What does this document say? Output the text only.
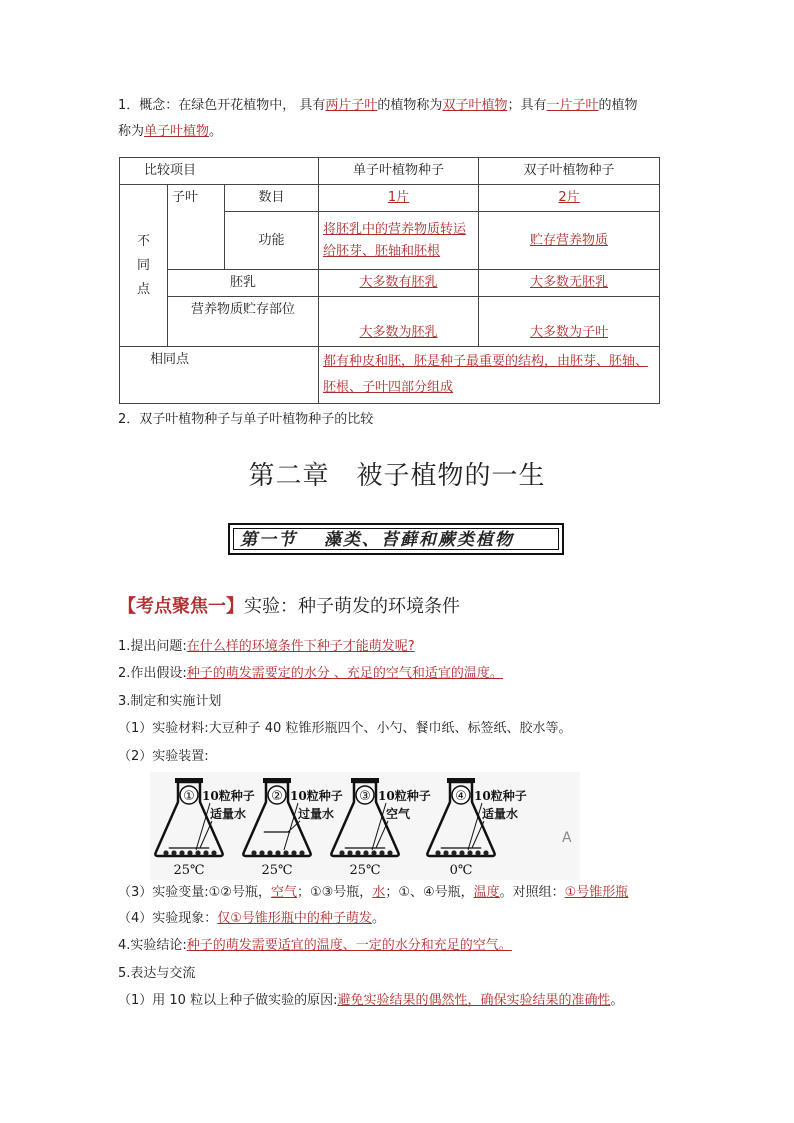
1．概念：在绿色开花植物中， 具有两片子叶的植物称为双子叶植物；具有一片子叶的植物
称为单子叶植物。
比较项目			单子叶植物种子	双子叶植物种子

不同点	子叶	数目	1片	2片
		功能	将胚乳中的营养物质转运给胚芽、胚轴和胚根	贮存营养物质
	胚乳		大多数有胚乳	大多数无胚乳
	营养物质贮存部位		大多数为胚乳	大多数为子叶
相同点			都有种皮和胚，胚是种子最重要的结构，由胚芽、胚轴、胚根、子叶四部分组成	
2．双子叶植物种子与单子叶植物种子的比较
第二章　被子植物的一生
第一节　 藻类、苔藓和蕨类植物
【考点聚焦一】实验：种子萌发的环境条件
1.提出问题:在什么样的环境条件下种子才能萌发呢?
2.作出假设:种子的萌发需要定的水分 、充足的空气和适宜的温度。
3.制定和实施计划
（1）实验材料:大豆种子 40 粒锥形瓶四个、小勺、餐巾纸、标签纸、胶水等。
（2）实验装置:
① 10粒种子
适量水
25℃
② 10粒种子
过量水
25℃
③ 10粒种子
空气
25℃
④ 10粒种子
适量水
0℃
A
（3）实验变量:①②号瓶，空气；①③号瓶，水；①、④号瓶，温度。对照组：①号锥形瓶
（4）实验现象：仅①号锥形瓶中的种子萌发。
4.实验结论:种子的萌发需要适宜的温度、一定的水分和充足的空气。
5.表达与交流
（1）用 10 粒以上种子做实验的原因:避免实验结果的偶然性，确保实验结果的准确性。
